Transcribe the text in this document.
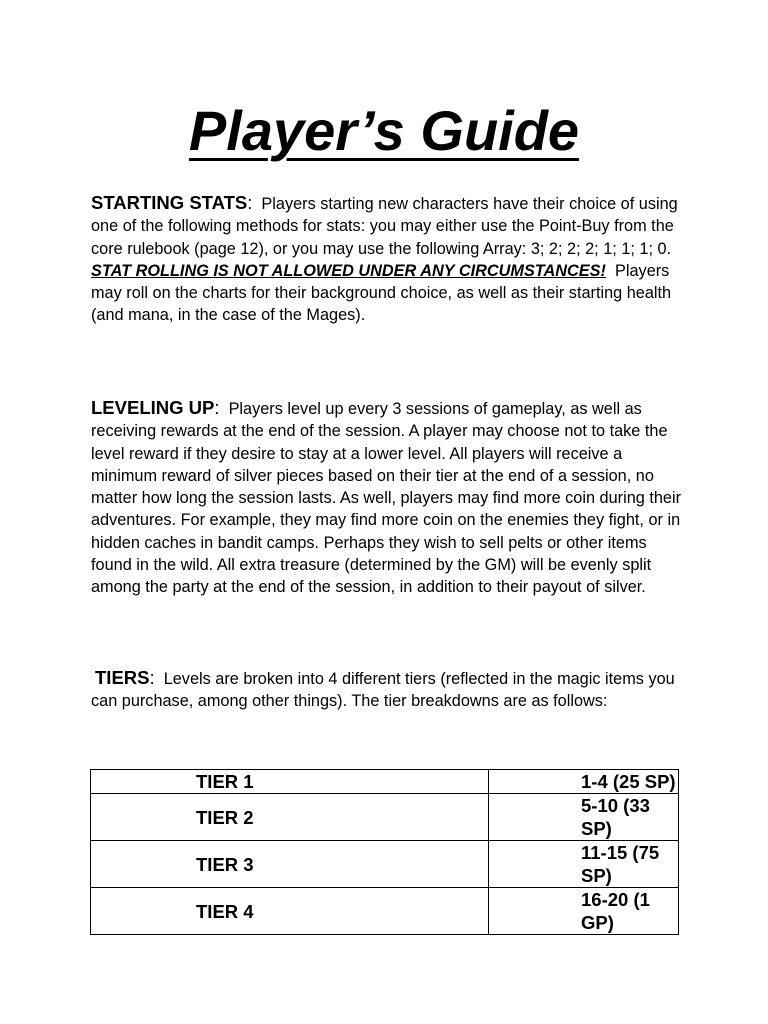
Player’s Guide
STARTING STATS: Players starting new characters have their choice of using one of the following methods for stats: you may either use the Point-Buy from the core rulebook (page 12), or you may use the following Array: 3; 2; 2; 2; 1; 1; 1; 0.  STAT ROLLING IS NOT ALLOWED UNDER ANY CIRCUMSTANCES! Players may roll on the charts for their background choice, as well as their starting health (and mana, in the case of the Mages).
LEVELING UP: Players level up every 3 sessions of gameplay, as well as receiving rewards at the end of the session. A player may choose not to take the level reward if they desire to stay at a lower level. All players will receive a minimum reward of silver pieces based on their tier at the end of a session, no matter how long the session lasts. As well, players may find more coin during their adventures. For example, they may find more coin on the enemies they fight, or in hidden caches in bandit camps. Perhaps they wish to sell pelts or other items found in the wild. All extra treasure (determined by the GM) will be evenly split among the party at the end of the session, in addition to their payout of silver.
TIERS: Levels are broken into 4 different tiers (reflected in the magic items you can purchase, among other things). The tier breakdowns are as follows:
TIER 1	1-4 (25 SP)
TIER 2	5-10 (33 SP)
TIER 3	11-15 (75 SP)
TIER 4	16-20 (1 GP)
